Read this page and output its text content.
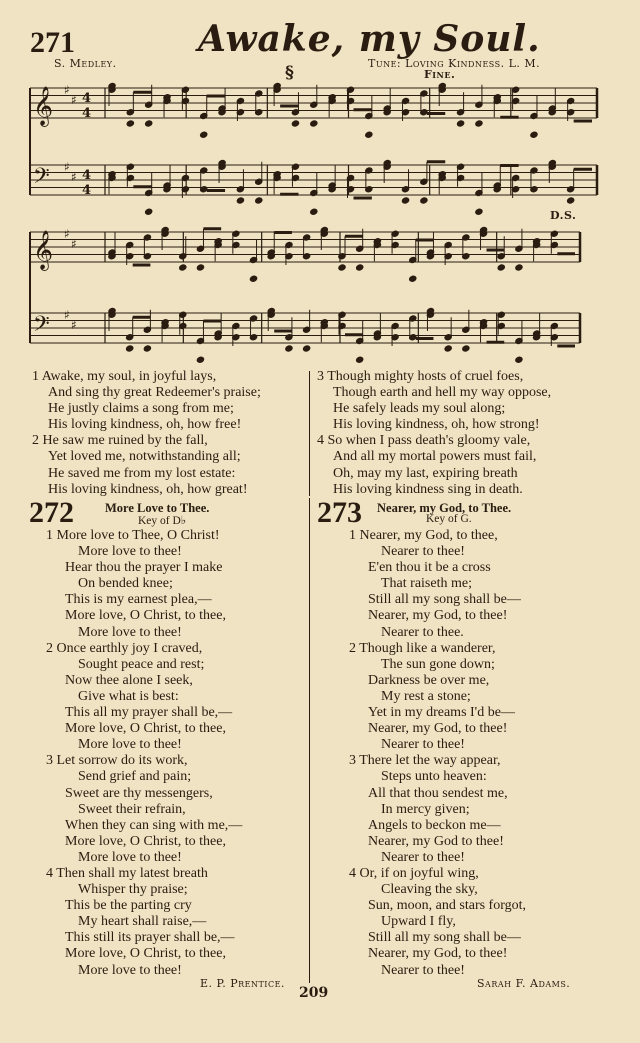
271	Awake, my Soul.
S. Medley.	Tune: Loving Kindness. L. M.
§	Fine.
D.S.
𝄞 ♯
♯ 4
4
𝄢 ♯
♯ 4
4
𝄞 ♯
♯
𝄢 ♯
♯
1 Awake, my soul, in joyful lays,
And sing thy great Redeemer's praise;
He justly claims a song from me;
His loving kindness, oh, how free!
2 He saw me ruined by the fall,
Yet loved me, notwithstanding all;
He saved me from my lost estate:
His loving kindness, oh, how great!
3 Though mighty hosts of cruel foes,
Though earth and hell my way oppose,
He safely leads my soul along;
His loving kindness, oh, how strong!
4 So when I pass death's gloomy vale,
And all my mortal powers must fail,
Oh, may my last, expiring breath
His loving kindness sing in death.
272 More Love to Thee.
Key of D♭
1 More love to Thee, O Christ!
More love to thee!
Hear thou the prayer I make
On bended knee;
This is my earnest plea,—
More love, O Christ, to thee,
More love to thee!
2 Once earthly joy I craved,
Sought peace and rest;
Now thee alone I seek,
Give what is best:
This all my prayer shall be,—
More love, O Christ, to thee,
More love to thee!
3 Let sorrow do its work,
Send grief and pain;
Sweet are thy messengers,
Sweet their refrain,
When they can sing with me,—
More love, O Christ, to thee,
More love to thee!
4 Then shall my latest breath
Whisper thy praise;
This be the parting cry
My heart shall raise,—
This still its prayer shall be,—
More love, O Christ, to thee,
More love to thee!
E. P. Prentice.
273 Nearer, my God, to Thee.
Key of G.
1 Nearer, my God, to thee,
Nearer to thee!
E'en thou it be a cross
That raiseth me;
Still all my song shall be—
Nearer, my God, to thee!
Nearer to thee.
2 Though like a wanderer,
The sun gone down;
Darkness be over me,
My rest a stone;
Yet in my dreams I'd be—
Nearer, my God, to thee!
Nearer to thee!
3 There let the way appear,
Steps unto heaven:
All that thou sendest me,
In mercy given;
Angels to beckon me—
Nearer, my God to thee!
Nearer to thee!
4 Or, if on joyful wing,
Cleaving the sky,
Sun, moon, and stars forgot,
Upward I fly,
Still all my song shall be—
Nearer, my God, to thee!
Nearer to thee!
Sarah F. Adams.
209
